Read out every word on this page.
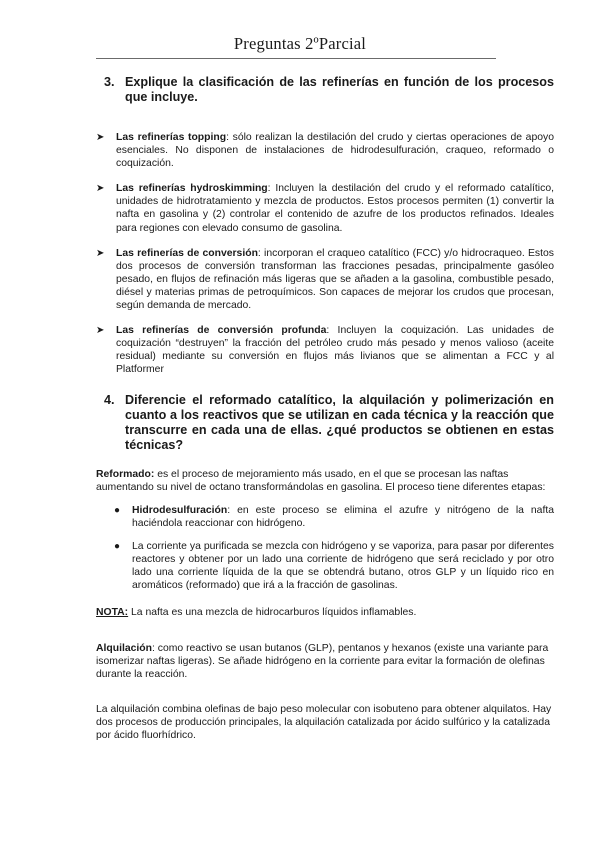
Preguntas 2ºParcial
3. Explique la clasificación de las refinerías en función de los procesos que incluye.
➤	Las refinerías topping: sólo realizan la destilación del crudo y ciertas operaciones de apoyo esenciales. No disponen de instalaciones de hidrodesulfuración, craqueo, reformado o coquización.
➤	Las refinerías hydroskimming: Incluyen la destilación del crudo y el reformado catalítico, unidades de hidrotratamiento y mezcla de productos. Estos procesos permiten (1) convertir la nafta en gasolina y (2) controlar el contenido de azufre de los productos refinados. Ideales para regiones con elevado consumo de gasolina.
➤	Las refinerías de conversión: incorporan el craqueo catalítico (FCC) y/o hidrocraqueo. Estos dos procesos de conversión transforman las fracciones pesadas, principalmente gasóleo pesado, en flujos de refinación más ligeras que se añaden a la gasolina, combustible pesado, diésel y materias primas de petroquímicos. Son capaces de mejorar los crudos que procesan, según demanda de mercado.
➤	Las refinerías de conversión profunda: Incluyen la coquización. Las unidades de coquización “destruyen” la fracción del petróleo crudo más pesado y menos valioso (aceite residual) mediante su conversión en flujos más livianos que se alimentan a FCC y al Platformer
4. Diferencie el reformado catalítico, la alquilación y polimerización en cuanto a los reactivos que se utilizan en cada técnica y la reacción que transcurre en cada una de ellas. ¿qué productos se obtienen en estas técnicas?

Reformado: es el proceso de mejoramiento más usado, en el que se procesan las naftas aumentando su nivel de octano transformándolas en gasolina. El proceso tiene diferentes etapas:

●	Hidrodesulfuración: en este proceso se elimina el azufre y nitrógeno de la nafta haciéndola reaccionar con hidrógeno.
●	La corriente ya purificada se mezcla con hidrógeno y se vaporiza, para pasar por diferentes reactores y obtener por un lado una corriente de hidrógeno que será reciclado y por otro lado una corriente líquida de la que se obtendrá butano, otros GLP y un líquido rico en aromáticos (reformado) que irá a la fracción de gasolinas.

NOTA: La nafta es una mezcla de hidrocarburos líquidos inflamables.

Alquilación: como reactivo se usan butanos (GLP), pentanos y hexanos (existe una variante para isomerizar naftas ligeras). Se añade hidrógeno en la corriente para evitar la formación de olefinas durante la reacción.

La alquilación combina olefinas de bajo peso molecular con isobuteno para obtener alquilatos. Hay dos procesos de producción principales, la alquilación catalizada por ácido sulfúrico y la catalizada por ácido fluorhídrico.
